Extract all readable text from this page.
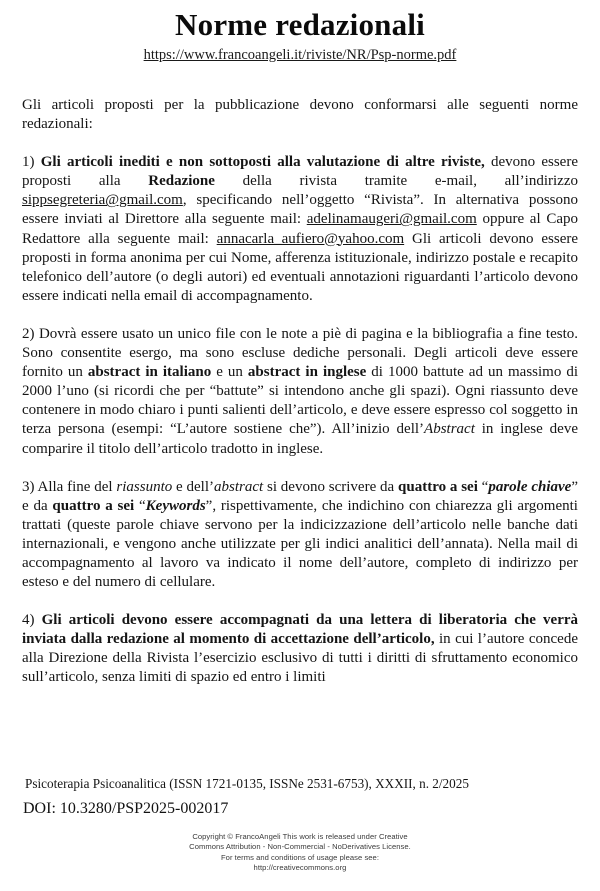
Norme redazionali
https://www.francoangeli.it/riviste/NR/Psp-norme.pdf

Gli articoli proposti per la pubblicazione devono conformarsi alle seguenti norme redazionali:

1) Gli articoli inediti e non sottoposti alla valutazione di altre riviste, devono essere proposti alla Redazione della rivista tramite e-mail, all’indirizzo sippsegreteria@gmail.com, specificando nell’oggetto “Rivista”. In alternativa possono essere inviati al Direttore alla seguente mail: adelinamaugeri@gmail.com oppure al Capo Redattore alla seguente mail: annacarla_aufiero@yahoo.com Gli articoli devono essere proposti in forma anonima per cui Nome, afferenza istituzionale, indirizzo postale e recapito telefonico dell’autore (o degli autori) ed eventuali annotazioni riguardanti l’articolo devono essere indicati nella email di accompagnamento.

2) Dovrà essere usato un unico file con le note a piè di pagina e la bibliografia a fine testo. Sono consentite esergo, ma sono escluse dediche personali. Degli articoli deve essere fornito un abstract in italiano e un abstract in inglese di 1000 battute ad un massimo di 2000 l’uno (si ricordi che per “battute” si intendono anche gli spazi). Ogni riassunto deve contenere in modo chiaro i punti salienti dell’articolo, e deve essere espresso col soggetto in terza persona (esempi: “L’autore sostiene che”). All’inizio dell’Abstract in inglese deve comparire il titolo dell’articolo tradotto in inglese.

3) Alla fine del riassunto e dell’abstract si devono scrivere da quattro a sei “parole chiave” e da quattro a sei “Keywords”, rispettivamente, che indichino con chiarezza gli argomenti trattati (queste parole chiave servono per la indicizzazione dell’articolo nelle banche dati internazionali, e vengono anche utilizzate per gli indici analitici dell’annata). Nella mail di accompagnamento al lavoro va indicato il nome dell’autore, completo di indirizzo per esteso e del numero di cellulare.

4) Gli articoli devono essere accompagnati da una lettera di liberatoria che verrà inviata dalla redazione al momento di accettazione dell’articolo, in cui l’autore concede alla Direzione della Rivista l’esercizio esclusivo di tutti i diritti di sfruttamento economico sull’articolo, senza limiti di spazio ed entro i limiti

Psicoterapia Psicoanalitica (ISSN 1721-0135, ISSNe 2531-6753), XXXII, n. 2/2025
DOI: 10.3280/PSP2025-002017
Copyright © FrancoAngeli This work is released under Creative
Commons Attribution - Non-Commercial - NoDerivatives License.
For terms and conditions of usage please see:
http://creativecommons.org
